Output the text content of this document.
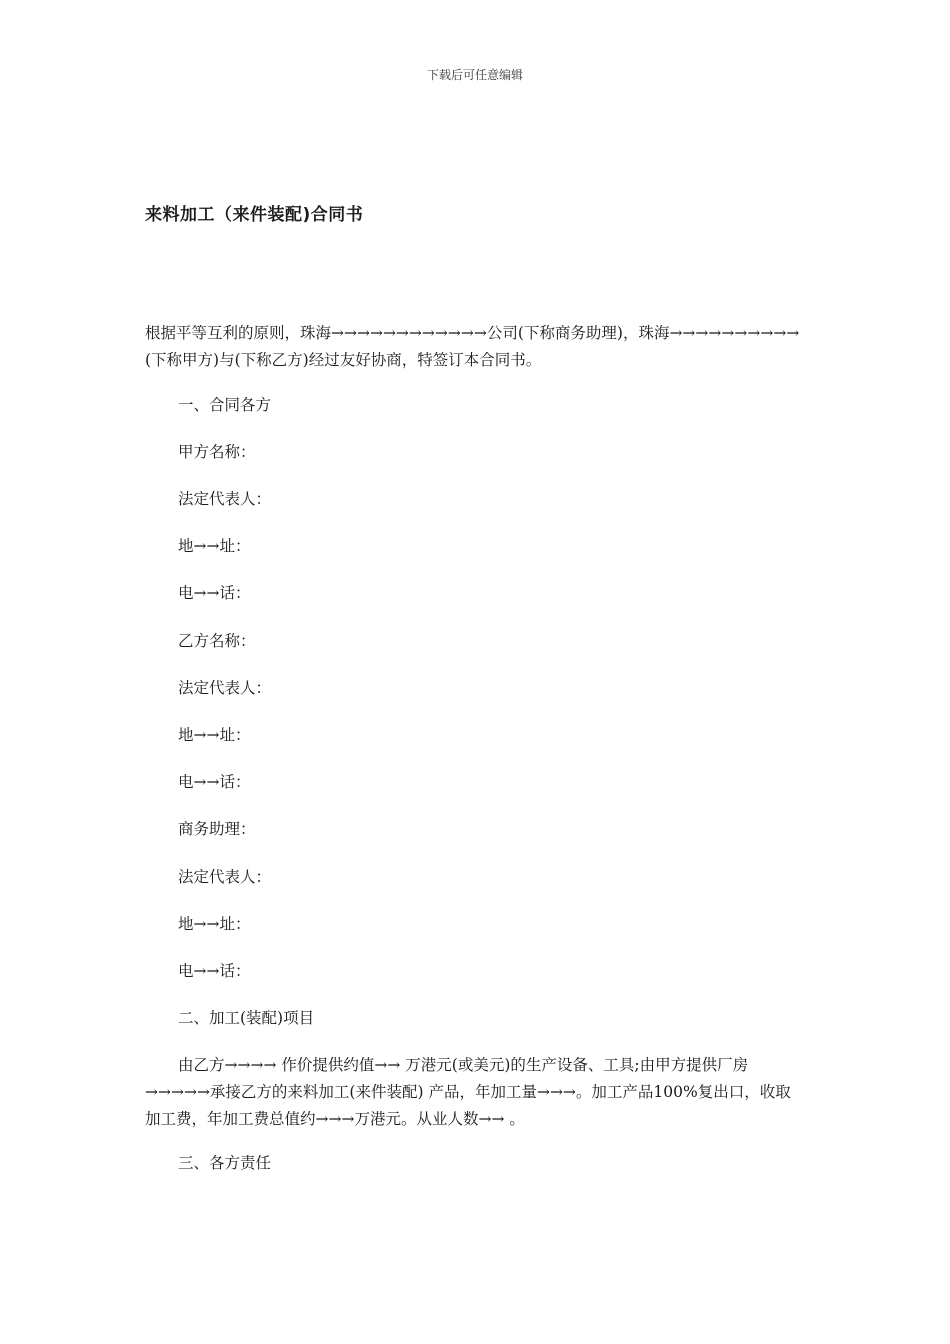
下载后可任意编辑
来料加工（来件装配)合同书
根据平等互利的原则，珠海→→→→→→→→→→→→公司(下称商务助理)，珠海→→→→→→→→→→ (下称甲方)与(下称乙方)经过友好协商，特签订本合同书。
一、合同各方
甲方名称：
法定代表人：
地→→址：
电→→话：
乙方名称：
法定代表人：
地→→址：
电→→话：
商务助理：
法定代表人：
地→→址：
电→→话：
二、加工(装配)项目
由乙方→→→→ 作价提供约值→→ 万港元(或美元)的生产设备、工具;由甲方提供厂房→→→→→承接乙方的来料加工(来件装配) 产品，年加工量→→→。加工产品100%复出口，收取加工费，年加工费总值约→→→万港元。从业人数→→ 。
三、各方责任
